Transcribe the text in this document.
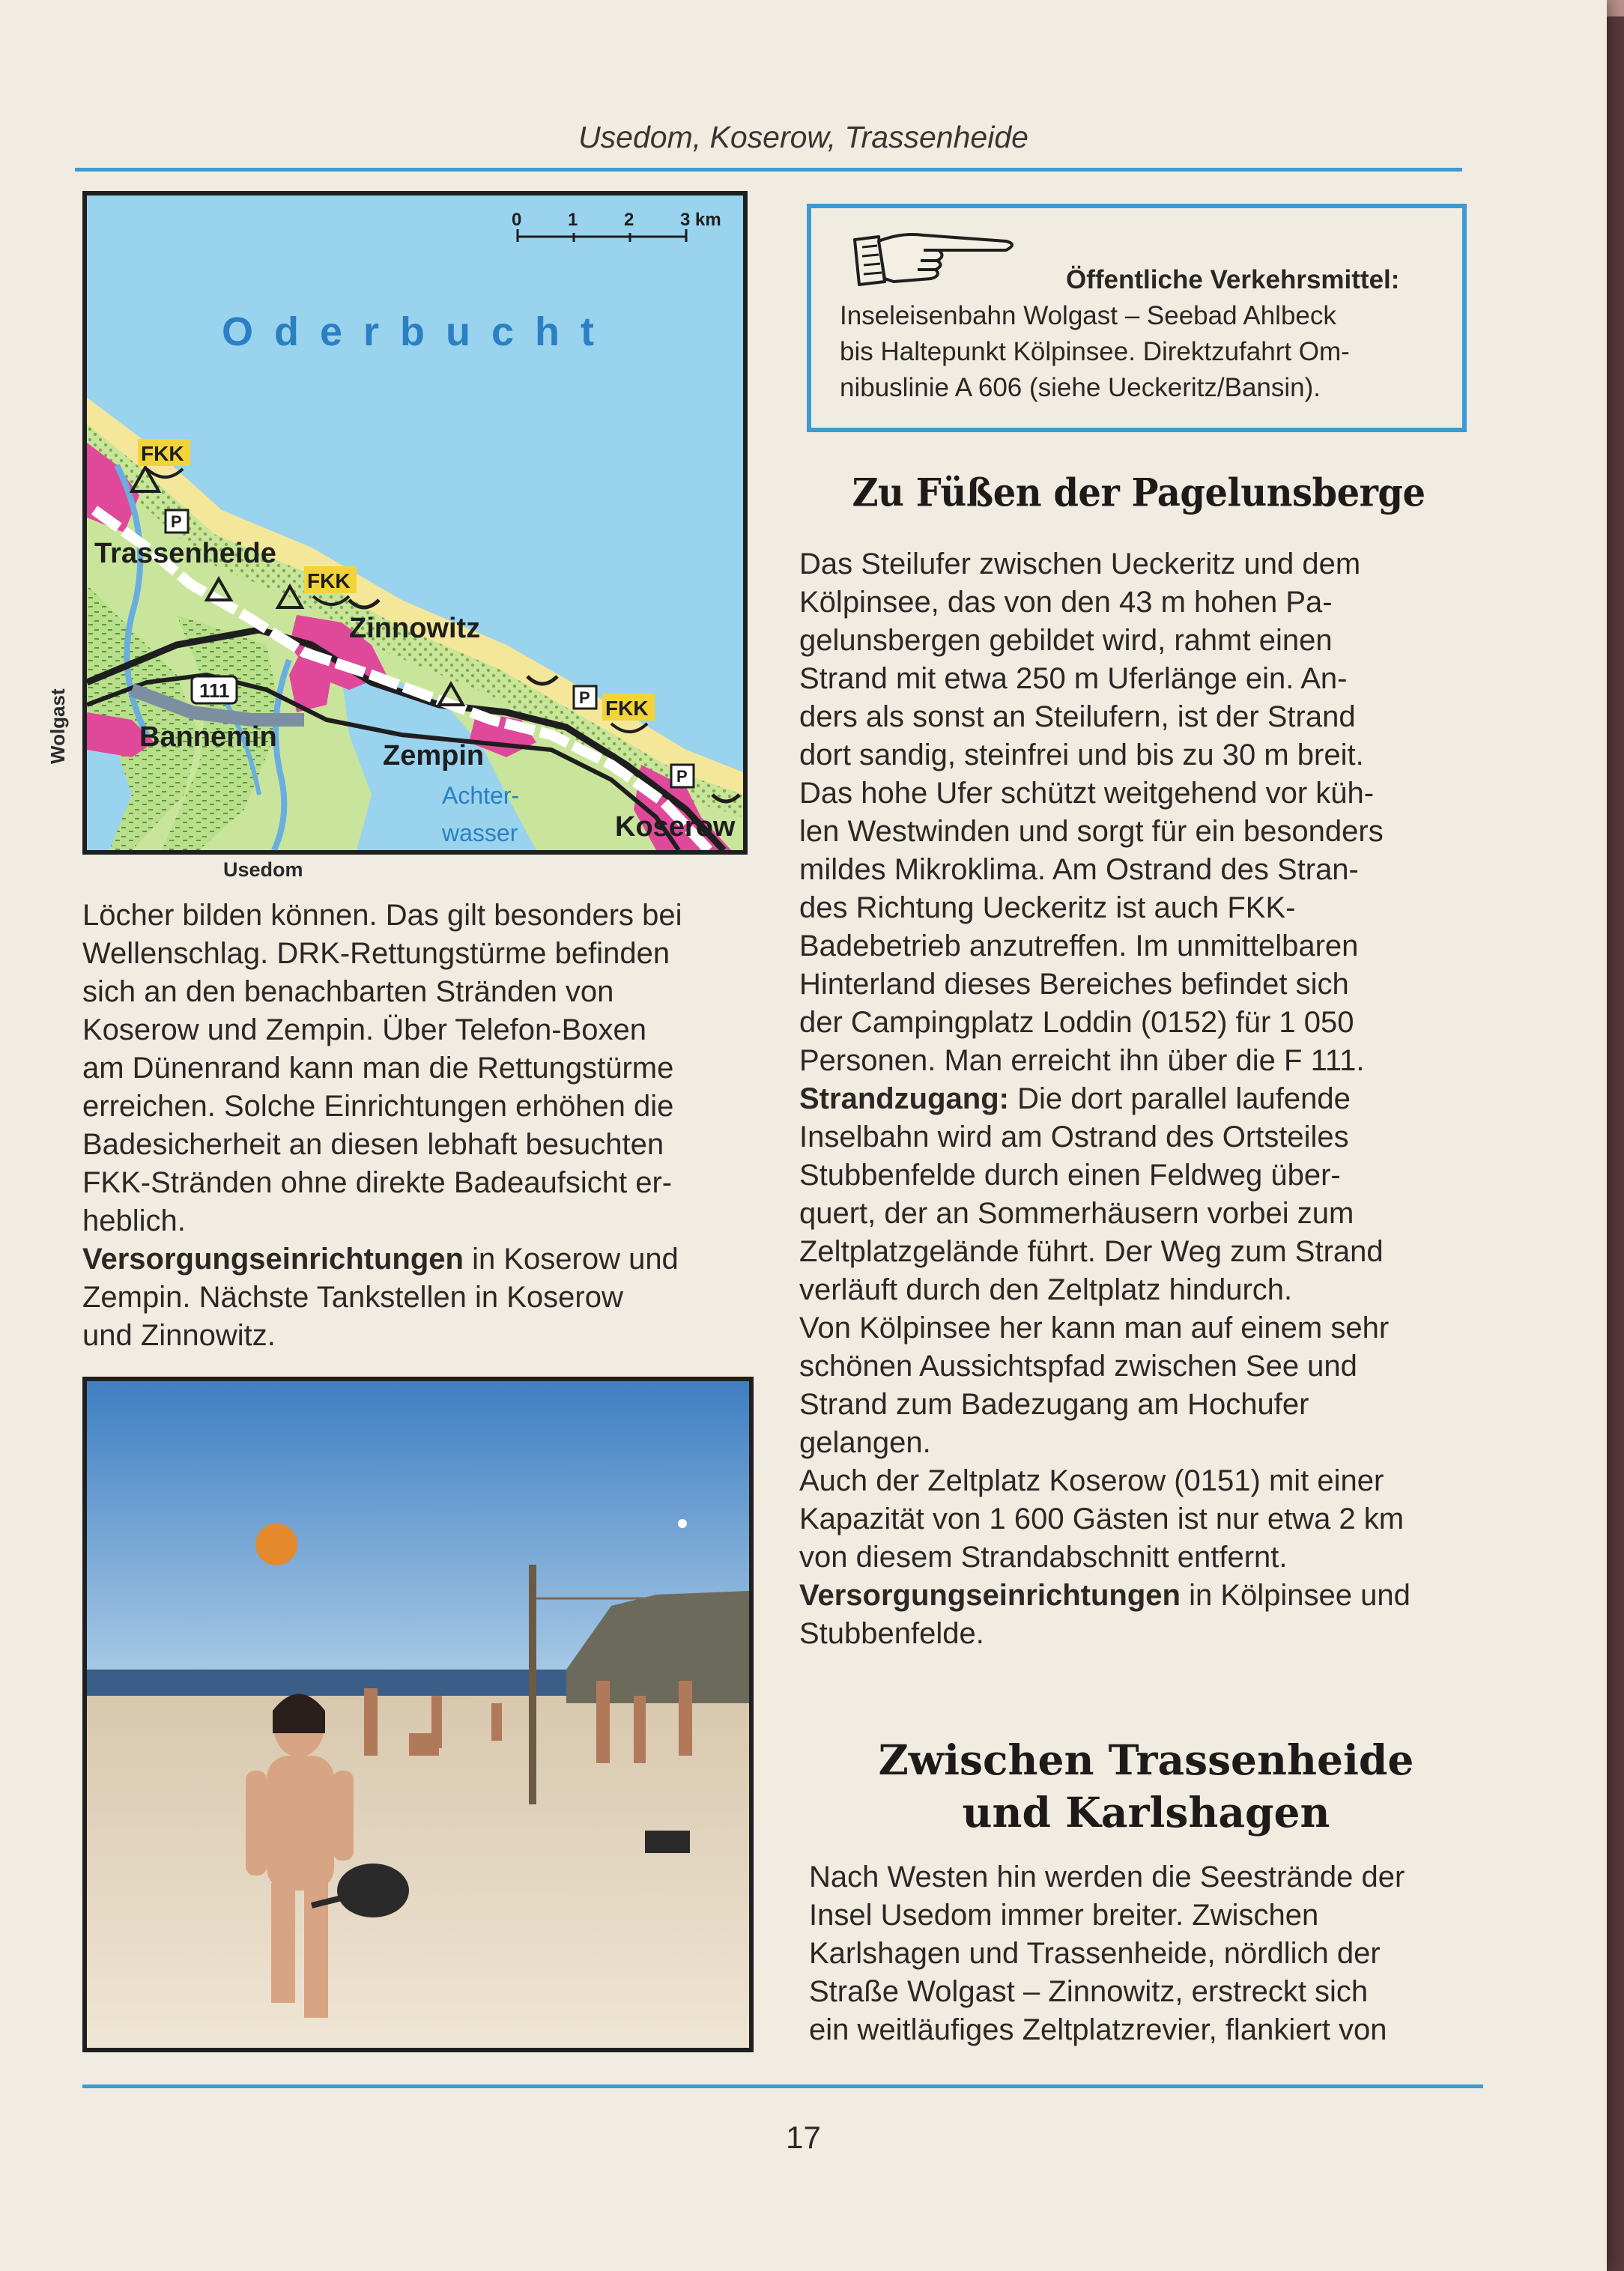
Usedom, Koserow, Trassenheide
P
P
P
FKK
FKK
FKK
111
0	1	2	3 km
Oderbucht
Trassenheide
Zinnowitz
Bannemin
Zempin
Koserow
Achter-
wasser
Wolgast
Usedom
Öffentliche Verkehrsmittel:
Inseleisenbahn Wolgast – Seebad Ahlbeck
bis Haltepunkt Kölpinsee. Direktzufahrt Om-
nibuslinie A 606 (siehe Ueckeritz/Bansin).
Zu Füßen der Pagelunsberge
Das Steilufer zwischen Ueckeritz und dem
Kölpinsee, das von den 43 m hohen Pa-
gelunsbergen gebildet wird, rahmt einen
Strand mit etwa 250 m Uferlänge ein. An-
ders als sonst an Steilufern, ist der Strand
dort sandig, steinfrei und bis zu 30 m breit.
Das hohe Ufer schützt weitgehend vor küh-
len Westwinden und sorgt für ein besonders
mildes Mikroklima. Am Ostrand des Stran-
des Richtung Ueckeritz ist auch FKK-
Badebetrieb anzutreffen. Im unmittelbaren
Hinterland dieses Bereiches befindet sich
der Campingplatz Loddin (0152) für 1 050
Personen. Man erreicht ihn über die F 111.
Strandzugang: Die dort parallel laufende
Inselbahn wird am Ostrand des Ortsteiles
Stubbenfelde durch einen Feldweg über-
quert, der an Sommerhäusern vorbei zum
Zeltplatzgelände führt. Der Weg zum Strand
verläuft durch den Zeltplatz hindurch.
Von Kölpinsee her kann man auf einem sehr
schönen Aussichtspfad zwischen See und
Strand zum Badezugang am Hochufer
gelangen.
Auch der Zeltplatz Koserow (0151) mit einer
Kapazität von 1 600 Gästen ist nur etwa 2 km
von diesem Strandabschnitt entfernt.
Versorgungseinrichtungen in Kölpinsee und
Stubbenfelde.
Zwischen Trassenheide
und Karlshagen
Nach Westen hin werden die Seestrände der
Insel Usedom immer breiter. Zwischen
Karlshagen und Trassenheide, nördlich der
Straße Wolgast – Zinnowitz, erstreckt sich
ein weitläufiges Zeltplatzrevier, flankiert von
Löcher bilden können. Das gilt besonders bei
Wellenschlag. DRK-Rettungstürme befinden
sich an den benachbarten Stränden von
Koserow und Zempin. Über Telefon-Boxen
am Dünenrand kann man die Rettungstürme
erreichen. Solche Einrichtungen erhöhen die
Badesicherheit an diesen lebhaft besuchten
FKK-Stränden ohne direkte Badeaufsicht er-
heblich.
Versorgungseinrichtungen in Koserow und
Zempin. Nächste Tankstellen in Koserow
und Zinnowitz.
17
